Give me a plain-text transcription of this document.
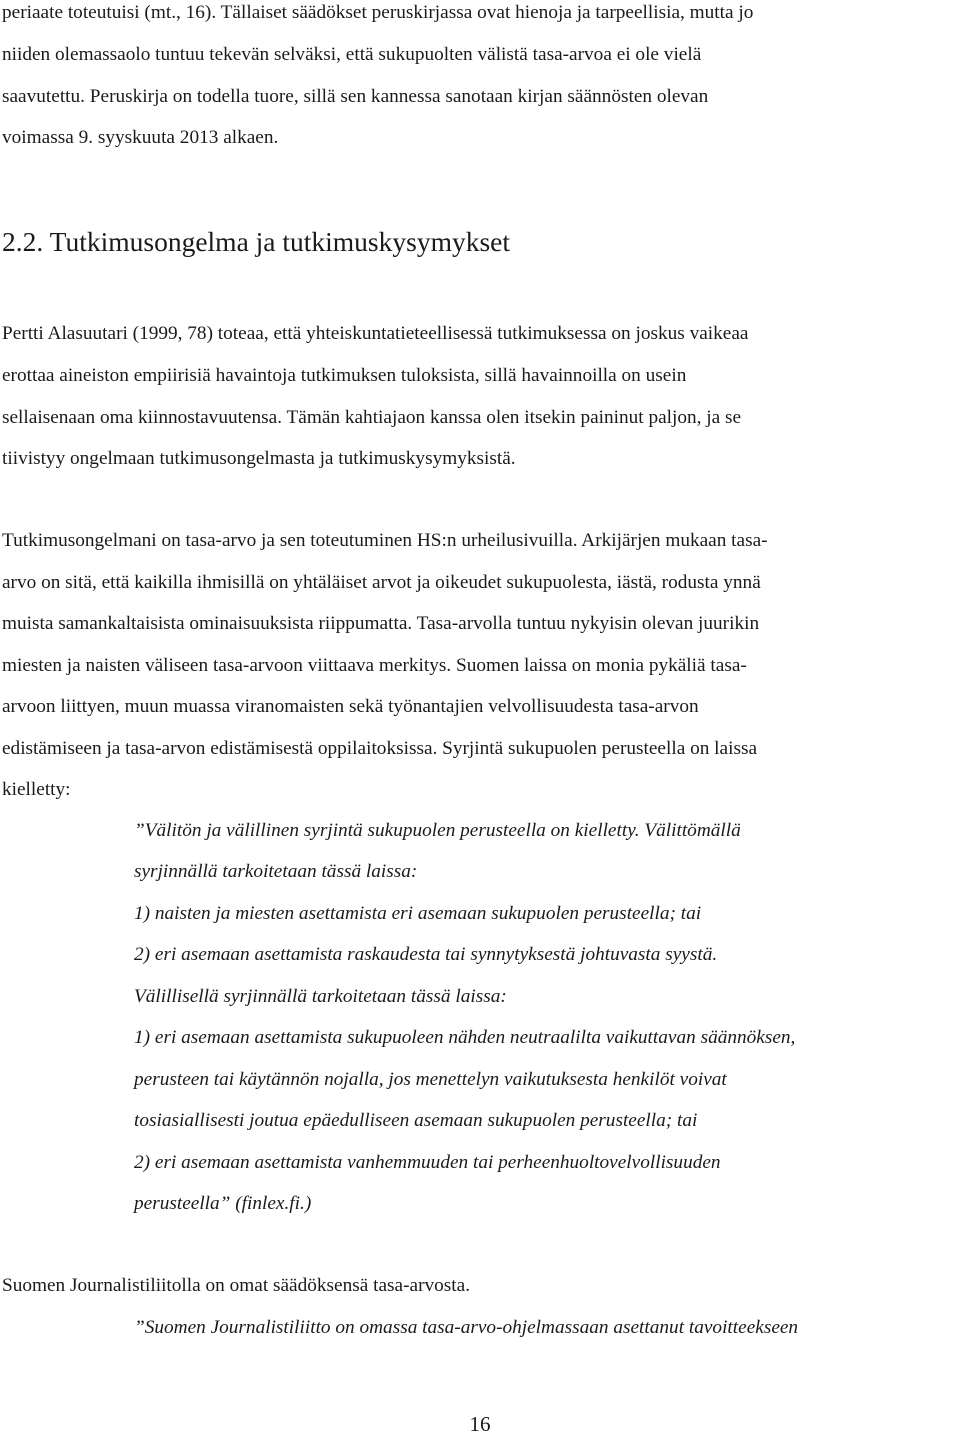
periaate toteutuisi (mt., 16). Tällaiset säädökset peruskirjassa ovat hienoja ja tarpeellisia, mutta jo
niiden olemassaolo tuntuu tekevän selväksi, että sukupuolten välistä tasa-arvoa ei ole vielä
saavutettu. Peruskirja on todella tuore, sillä sen kannessa sanotaan kirjan säännösten olevan
voimassa 9. syyskuuta 2013 alkaen.
2.2. Tutkimusongelma ja tutkimuskysymykset
Pertti Alasuutari (1999, 78) toteaa, että yhteiskuntatieteellisessä tutkimuksessa on joskus vaikeaa
erottaa aineiston empiirisiä havaintoja tutkimuksen tuloksista, sillä havainnoilla on usein
sellaisenaan oma kiinnostavuutensa. Tämän kahtiajaon kanssa olen itsekin paininut paljon, ja se
tiivistyy ongelmaan tutkimusongelmasta ja tutkimuskysymyksistä.
Tutkimusongelmani on tasa-arvo ja sen toteutuminen HS:n urheilusivuilla. Arkijärjen mukaan tasa-
arvo on sitä, että kaikilla ihmisillä on yhtäläiset arvot ja oikeudet sukupuolesta, iästä, rodusta ynnä
muista samankaltaisista ominaisuuksista riippumatta. Tasa-arvolla tuntuu nykyisin olevan juurikin
miesten ja naisten väliseen tasa-arvoon viittaava merkitys. Suomen laissa on monia pykäliä tasa-
arvoon liittyen, muun muassa viranomaisten sekä työnantajien velvollisuudesta tasa-arvon
edistämiseen ja tasa-arvon edistämisestä oppilaitoksissa. Syrjintä sukupuolen perusteella on laissa
kielletty:
”Välitön ja välillinen syrjintä sukupuolen perusteella on kielletty. Välittömällä
syrjinnällä tarkoitetaan tässä laissa:
1) naisten ja miesten asettamista eri asemaan sukupuolen perusteella; tai
2) eri asemaan asettamista raskaudesta tai synnytyksestä johtuvasta syystä.
Välillisellä syrjinnällä tarkoitetaan tässä laissa:
1) eri asemaan asettamista sukupuoleen nähden neutraalilta vaikuttavan säännöksen,
perusteen tai käytännön nojalla, jos menettelyn vaikutuksesta henkilöt voivat
tosiasiallisesti joutua epäedulliseen asemaan sukupuolen perusteella; tai
2) eri asemaan asettamista vanhemmuuden tai perheenhuoltovelvollisuuden
perusteella” (finlex.fi.)
Suomen Journalistiliitolla on omat säädöksensä tasa-arvosta.
”Suomen Journalistiliitto on omassa tasa-arvo-ohjelmassaan asettanut tavoitteekseen
16
